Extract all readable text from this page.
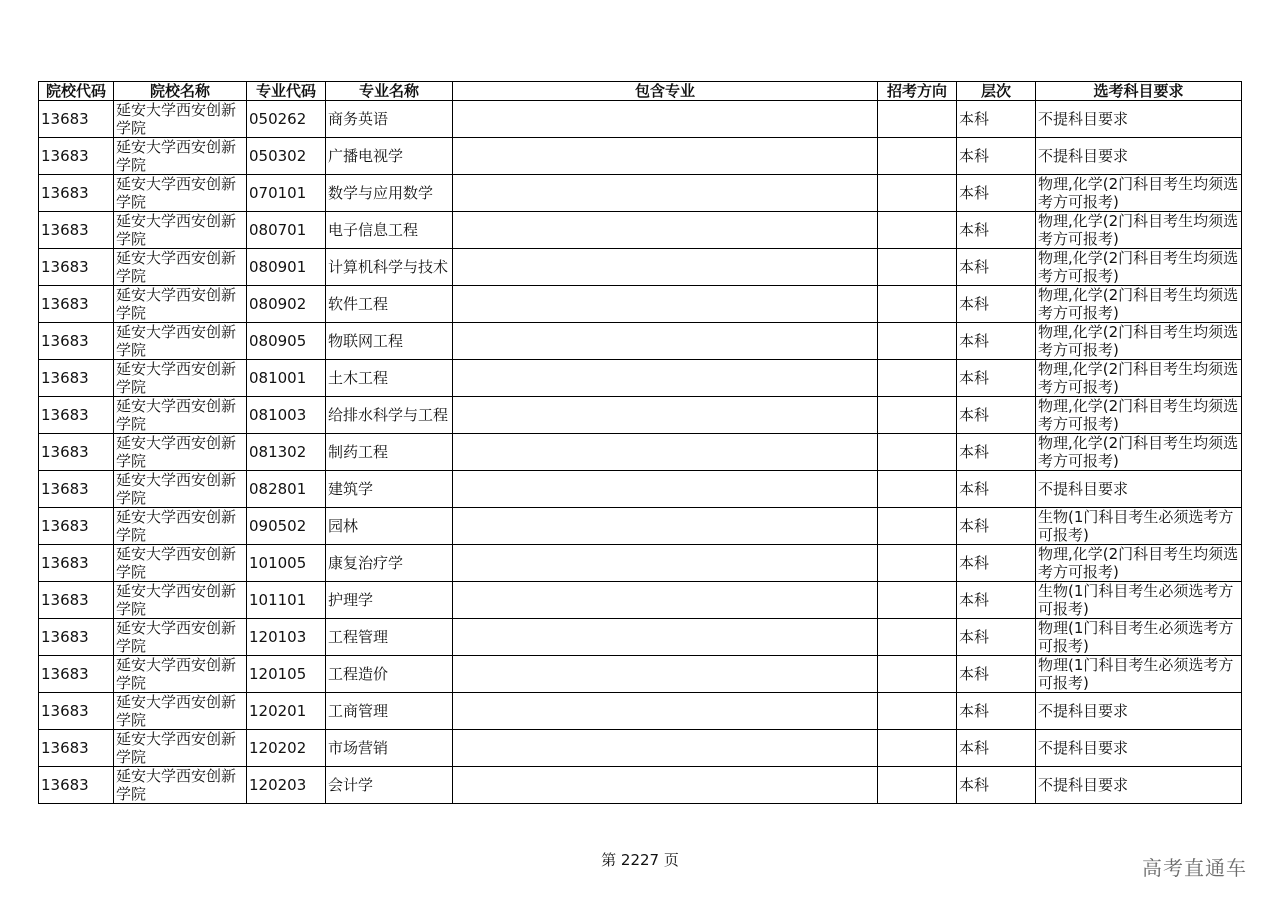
院校代码	院校名称	专业代码	专业名称	包含专业	招考方向	层次	选考科目要求
13683	延安大学西安创新学院	050262	商务英语			本科	不提科目要求
13683	延安大学西安创新学院	050302	广播电视学			本科	不提科目要求
13683	延安大学西安创新学院	070101	数学与应用数学			本科	物理,化学(2门科目考生均须选考方可报考)
13683	延安大学西安创新学院	080701	电子信息工程			本科	物理,化学(2门科目考生均须选考方可报考)
13683	延安大学西安创新学院	080901	计算机科学与技术			本科	物理,化学(2门科目考生均须选考方可报考)
13683	延安大学西安创新学院	080902	软件工程			本科	物理,化学(2门科目考生均须选考方可报考)
13683	延安大学西安创新学院	080905	物联网工程			本科	物理,化学(2门科目考生均须选考方可报考)
13683	延安大学西安创新学院	081001	土木工程			本科	物理,化学(2门科目考生均须选考方可报考)
13683	延安大学西安创新学院	081003	给排水科学与工程			本科	物理,化学(2门科目考生均须选考方可报考)
13683	延安大学西安创新学院	081302	制药工程			本科	物理,化学(2门科目考生均须选考方可报考)
13683	延安大学西安创新学院	082801	建筑学			本科	不提科目要求
13683	延安大学西安创新学院	090502	园林			本科	生物(1门科目考生必须选考方可报考)
13683	延安大学西安创新学院	101005	康复治疗学			本科	物理,化学(2门科目考生均须选考方可报考)
13683	延安大学西安创新学院	101101	护理学			本科	生物(1门科目考生必须选考方可报考)
13683	延安大学西安创新学院	120103	工程管理			本科	物理(1门科目考生必须选考方可报考)
13683	延安大学西安创新学院	120105	工程造价			本科	物理(1门科目考生必须选考方可报考)
13683	延安大学西安创新学院	120201	工商管理			本科	不提科目要求
13683	延安大学西安创新学院	120202	市场营销			本科	不提科目要求
13683	延安大学西安创新学院	120203	会计学			本科	不提科目要求
第 2227 页	高考直通车
